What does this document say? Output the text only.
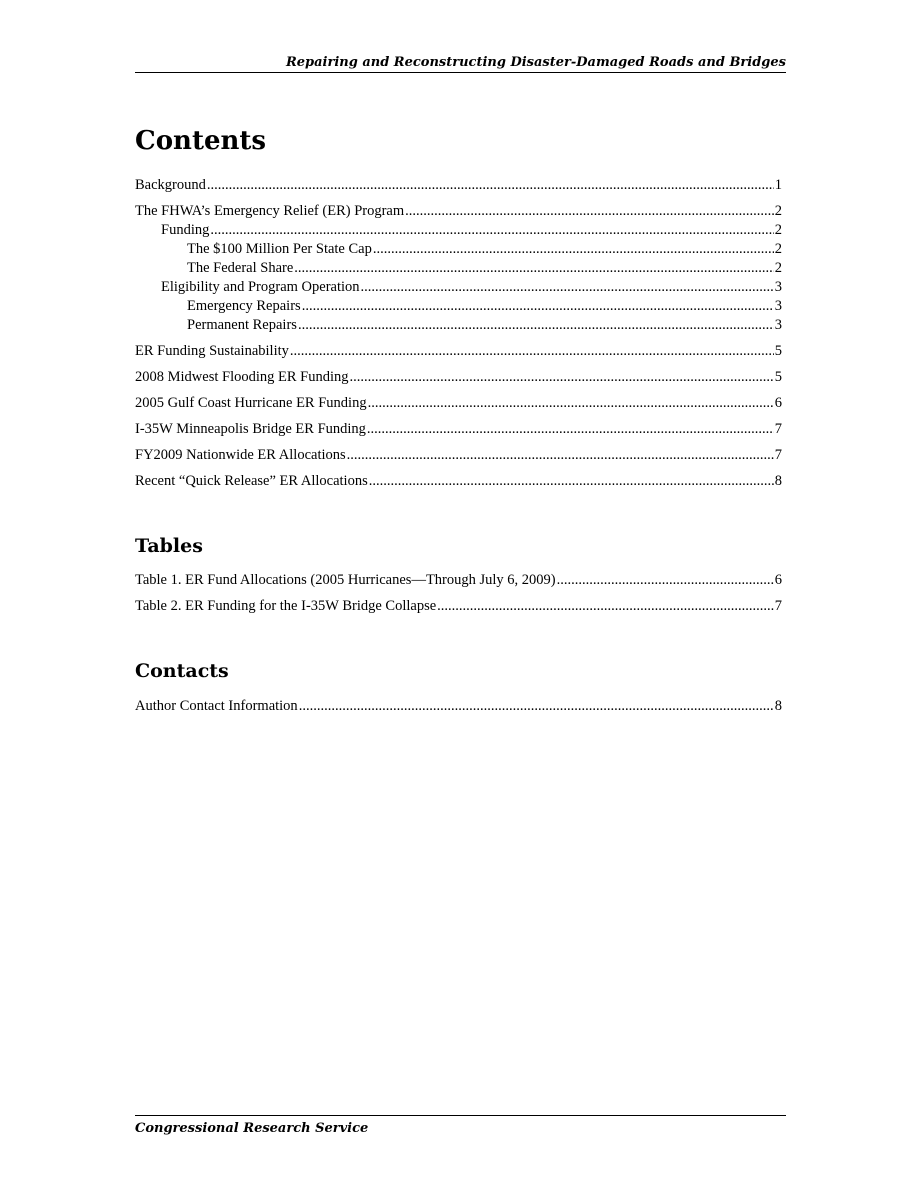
Repairing and Reconstructing Disaster-Damaged Roads and Bridges
Contents
Background .....	1
The FHWA’s Emergency Relief (ER) Program .....	2
Funding .....	2
The $100 Million Per State Cap .....	2
The Federal Share .....	2
Eligibility and Program Operation .....	3
Emergency Repairs .....	3
Permanent Repairs .....	3
ER Funding Sustainability .....	5
2008 Midwest Flooding ER Funding .....	5
2005 Gulf Coast Hurricane ER Funding .....	6
I-35W Minneapolis Bridge ER Funding .....	7
FY2009 Nationwide ER Allocations .....	7
Recent “Quick Release” ER Allocations .....	8
Tables
Table 1. ER Fund Allocations (2005 Hurricanes—Through July 6, 2009) .....	6
Table 2. ER Funding for the I-35W Bridge Collapse .....	7
Contacts
Author Contact Information .....	8
Congressional Research Service
